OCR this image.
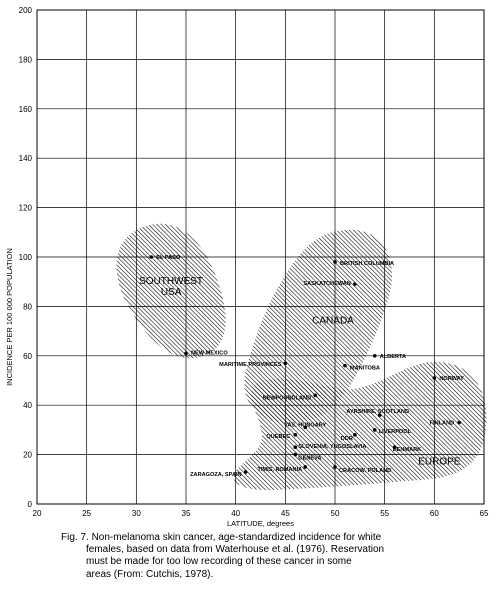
20	25	30	35	40	45	50	55	60	65
0
20
40
60
80
100
120
140
160
180
200
EL PASO
NEW MEXICO
BRITISH COLUMBIA
SASKATCHEWAN
ALBERTA
MANITOBA
MARITIME PROVINCES
NEWFOUNDLAND
NORWAY
AYRSHIRE, SCOTLAND
FINLAND
VAS, HUNGARY
LIVERPOOL
DDR
QUEBEC
DENMARK
SLOVENIA, YUGOSLAVIA
GENEVA
TIMIS, ROMANIA	CRACOW, POLAND
ZARAGOZA, SPAIN
SOUTHWEST
USA
CANADA
EUROPE
LATITUDE, degrees
INCIDENCE PER 100 000 POPULATION

Fig. 7. Non-melanoma skin cancer, age-standardized incidence for white

females, based on data from Waterhouse et al. (1976). Reservation

must be made for too low recording of these cancer in some

areas (From: Cutchis, 1978).
